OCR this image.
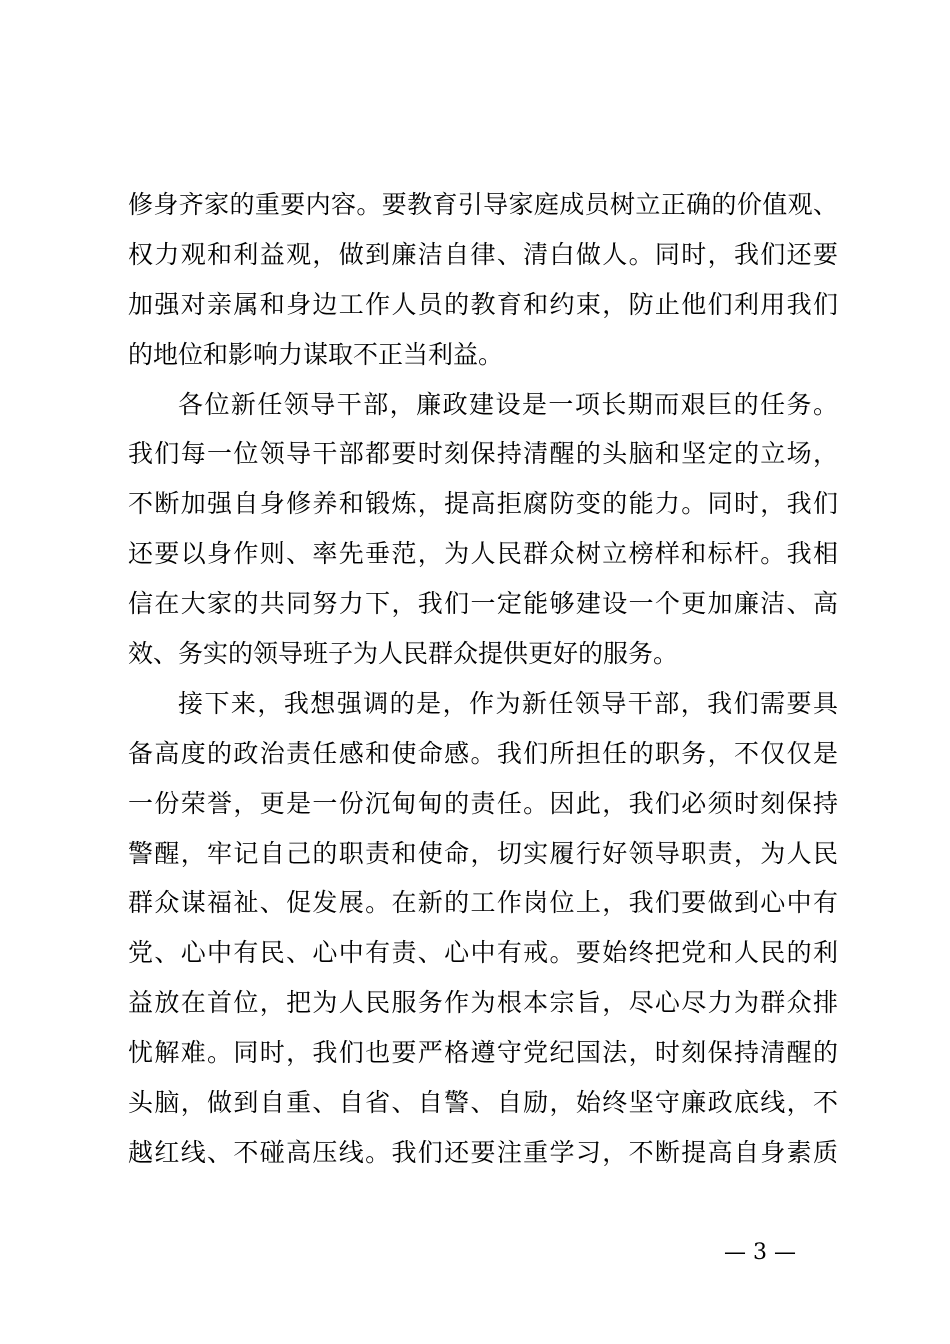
修身齐家的重要内容。要教育引导家庭成员树立正确的价值观、
权力观和利益观，做到廉洁自律、清白做人。同时，我们还要
加强对亲属和身边工作人员的教育和约束，防止他们利用我们
的地位和影响力谋取不正当利益。
各位新任领导干部，廉政建设是一项长期而艰巨的任务。
我们每一位领导干部都要时刻保持清醒的头脑和坚定的立场，
不断加强自身修养和锻炼，提高拒腐防变的能力。同时，我们
还要以身作则、率先垂范，为人民群众树立榜样和标杆。我相
信在大家的共同努力下，我们一定能够建设一个更加廉洁、高
效、务实的领导班子为人民群众提供更好的服务。
接下来，我想强调的是，作为新任领导干部，我们需要具
备高度的政治责任感和使命感。我们所担任的职务，不仅仅是
一份荣誉，更是一份沉甸甸的责任。因此，我们必须时刻保持
警醒，牢记自己的职责和使命，切实履行好领导职责，为人民
群众谋福祉、促发展。在新的工作岗位上，我们要做到心中有
党、心中有民、心中有责、心中有戒。要始终把党和人民的利
益放在首位，把为人民服务作为根本宗旨，尽心尽力为群众排
忧解难。同时，我们也要严格遵守党纪国法，时刻保持清醒的
头脑，做到自重、自省、自警、自励，始终坚守廉政底线，不
越红线、不碰高压线。我们还要注重学习，不断提高自身素质
— 3 —
